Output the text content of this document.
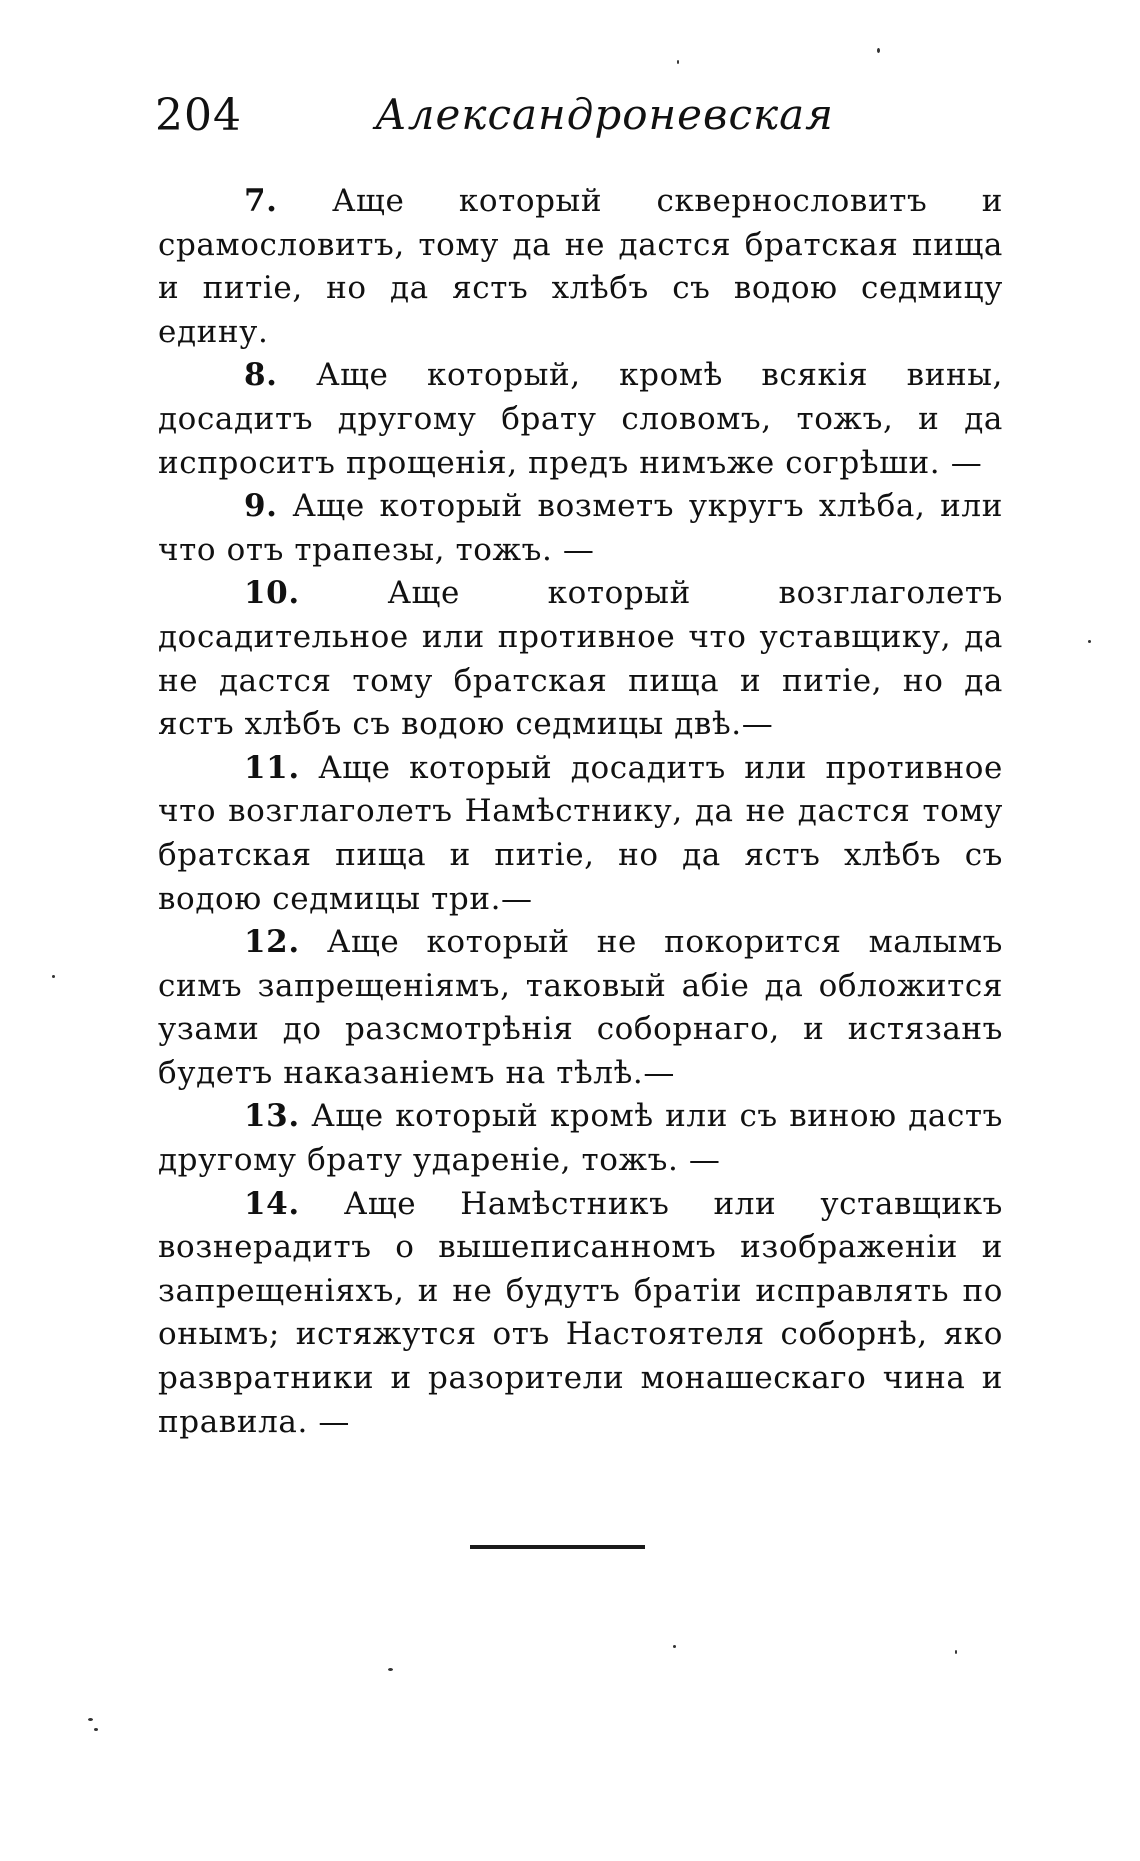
204	Александроневская

7. Аще который сквернословитъ и срамословитъ, тому да не дастся братская пища и питіе, но да ястъ хлѣбъ съ водою седмицу едину.

8. Аще который, кромѣ всякія вины, досадитъ другому брату словомъ, тожъ, и да испроситъ прощенія, предъ нимъже согрѣши. —

9. Аще который возметъ укругъ хлѣба, или что отъ трапезы, тожъ. —

10.	Аще который возглаголетъ досадительное или противное что уставщику, да не дастся тому братская пища и питіе, но да ястъ хлѣбъ съ водою седмицы двѣ.—

11. Аще который досадитъ или противное что возглаголетъ Намѣстнику, да не дастся тому братская пища и питіе, но да ястъ хлѣбъ съ водою седмицы три.—

12. Аще который не покорится малымъ симъ запрещеніямъ, таковый абіе да обложится узами до разсмотрѣнія соборнаго, и истязанъ будетъ наказаніемъ на тѣлѣ.—

13. Аще который кромѣ или съ виною дастъ другому брату удареніе, тожъ. —

14. Аще Намѣстникъ или уставщикъ вознерадитъ о вышеписанномъ изображеніи и запрещеніяхъ, и не будутъ братіи исправлять по онымъ; истяжутся отъ Настоятеля соборнѣ, яко развратники и разорители монашескаго чина и правила. —
